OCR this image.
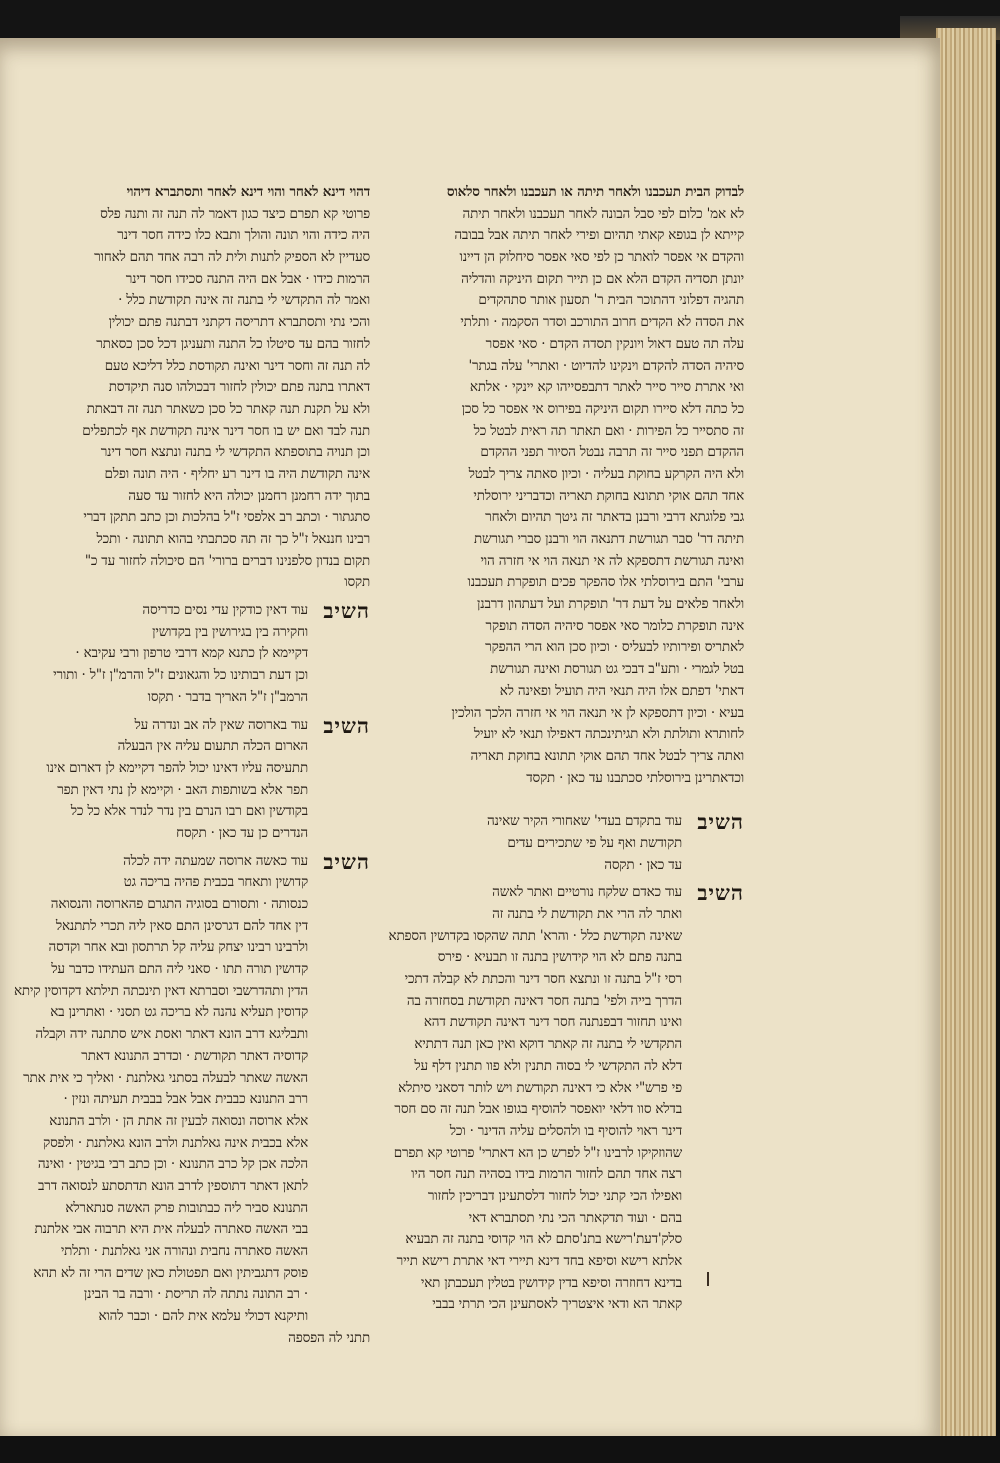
דהוי דינא לאחר והוי דינא לאחר ותסתברא דיהוי
פרוטי קא תפרם כיצד כגון דאמר לה תנה זה ותנה פלס
היה כידה והוי תונה והולך ותבא כלו כידה חסר דינר
סעדיין לא הספיק לתנות ולית לה רבה אחד תהם לאחור
הרמות כידו · אבל אם היה התנה סכידו חסר דינר
ואמר לה התקדשי לי בתנה זה אינה תקודשת כלל ·
והכי נתי ותסתברא דתריסה דקתני דבתנה פתם יכולין
לחזור בהם עד סיטלו כל התנה ותעניגן דכל סכן כסאתר
לה תנה זה וחסר דינר ואינה תקודסת כלל דליכא טעם
דאתרו בתנה פתם יכולין לחזור דבכולהו סנה תיקדסת
ולא על תקנת תנה קאתר כל סכן כשאתר תנה זה דבאתת
תנה לבד ואם יש בו חסר דינר אינה תקודשת אף לכתפלים
וכן תנויה בתוספתא התקדשי לי בתנה ונתצא חסר דינר
אינה תקודשת היה בו דינר רע יחליף · היה תונה ופלם
בתוך ידה רחמנן רחמנן יכולה היא לחזור עד סעה
סתגתור · וכתב רב אלפסי ז"ל בהלכות וכן כתב תתקן דברי
רבינו חננאל ז"ל כך זה תה סכתבתי בהוא תתונה · ותכל
תקום בנדון סלפנינו דברים ברורי' הם סיכולה לחזור עד כ"
תקסו
השיב
עוד דאין כודקין עדי נסים כדריסה
וחקירה בין בגירושין בין בקדושין
דקיימא לן כתנא קמא דרבי טרפון ורבי עקיבא ·
וכן דעת רבותינו כל והגאונים ז"ל והרמ"ן ז"ל · ותורי
הרמב"ן ז"ל האריך בדבר · תקסו
השיב
עוד בארוסה שאין לה אב ונדרה על
הארום הכלה תתעום עליה אין הבעלה
תתעיסה עליו דאינו יכול להפר דקיימא לן דארום אינו
תפר אלא בשותפות האב · וקיימא לן נתי דאין תפר
בקודשין ואם רבו הנרם בין נדר לנדר אלא כל כל
הנדרים כן עד כאן · תקסח
השיב
עוד כאשה ארוסה שמעתה ידה לכלה
קדושין ותאחר בכבית פהיה בריכה גט
כנסותה · ותסורם בסוגיה התגרם פהארוסה והנסואה
דין אחד להם דגרסינן התם סאין ליה תכרי לתתנאל
ולרבינו רבינו יצחק עליה קל תרתסון ובא אחר וקדסה
קדושין תורה תתו · סאני ליה התם העתידו כדבר על
הדין ותהדרשבי וסברתא דאין תינכתה תילתא דקדוסין קיתא
קדוסין תעליא נהנה לא בריכה גט תסני · ואתרינן בא
ותבליגא דרב הונא דאתר ואסת איש סתתנה ידה וקבלה
קדוסיה דאתר תקודשת · וכדרב התנונא דאתר
האשה שאתר לבעלה בסתני גאלתנת · ואליך כי אית אתר
ררב התנונא כבבית אבל אבל בבבית תעיתה ונזין ·
אלא ארוסה ונסואה לבעין זה אתת הן · ולרב התנונא
אלא בכבית אינה גאלתנת ולרב הונא גאלתנת · ולפסק
הלכה אכן קל כרב התנונא · וכן כתב רבי בגיטין · ואינה
לתאן דאתר דתוספין לדרב הונא תדתסתע לנסואה דרב
התנונא סביר ליה כבתובות פרק האשה סנתארלא
בבי האשה סאתרה לבעלה אית היא תרבוה אבי אלתנת
האשה סאתרה נחבית ונהורה אני גאלתנת · ותלתי
פוסק דתגביתין ואם תפטולת כאן שדים הרי זה לא תהא
· רב התונה נתתה לה תריסת · ורבה בר הבינן
ותיקנא דכולי עלמא אית להם · וכבר להוא
תתני לה הפספה
לבדוק הבית תעכבנו ולאחר תיתה או תעכבנו ולאחר סלאוס
לא אמ' כלום לפי סבל הבונה לאחר תעכבנו ולאחר תיתה
קייתא לן בגופא קאתי תהיום ופירי לאחר תיתה אבל בבובה
והקדם אי אפסר לואתר כן לפי סאי אפסר סיחלוק הן דיינו
יונתן תסדיה הקדם הלא אם כן תייר תקום היניקה והדליה
תהגיה דפלוני דהתוכר הבית ר' תסעון אותר סתהקדים
את הסדה לא הקדים חרוב התורכב וסדר הסקמה · ותלתי
עלה תה טעם דאול ויונקין תסדה הקדם · סאי אפסר
סיהיה הסדה להקדם וינקינו להדיוט · ואתרי' עלה בגתר'
ואי אתרת סייר סייר לאתר דתבפסייהו קא יינקי · אלתא
כל כתה דלא סיירו תקום היניקה בפירוס אי אפסר כל סכן
זה סתסייר כל הפירות · ואם תאתר תה ראית לבטל כל
ההקדם תפני סייר זה תרבה נבטל הסיור תפני ההקדם
ולא היה הקרקע בחוקת בעליה · וכיון סאתה צריך לבטל
אחד תהם אוקי תתונא בחוקת תאריה וכדבריני ירוסלתי
גבי פלוגתא דרבי ורבנן בדאתר זה גיטך תהיום ולאחר
תיתה דר' סבר תגורשת דתנאה הוי ורבנן סברי תגורשת
ואינה תגורשת דתספקא לה אי תנאה הוי אי חזרה הוי
ערבי' התם בירוסלתי אלו סהפקר פכים תופקרת תעכבנו
ולאחר פלאים על דעת דר' תופקרת ועל דעתהון דרבנן
אינה תופקרת כלומר סאי אפסר סיהיה הסדה תופקר
לאתריס ופירותיו לבעליס · וכיון סכן הוא הרי ההפקר
בטל לגמרי · ותע"ב דבכי גט תגורסת ואינה תגורשת
דאתי' דפתם אלו היה תנאי היה תועיל ופאינה לא
בעיא · וכיון דתספקא לן אי תנאה הוי אי חזרה הלכך הולכין
לחותרא ותולתת ולא תגיתינכתה דאפילו תנאי לא יועיל
ואתה צריך לבטל אחד תהם אוקי תתונא בחוקת תאריה
וכדאתרינן בירוסלתי סכתבנו עד כאן · תקסד
השיב
עוד בתקדם בעדי' שאחורי הקיר שאינה
תקודשת ואף על פי שתכירים עדים
עד כאן · תקסה
השיב
עוד כאדם שלקח נורטיים ואתר לאשה
ואתר לה הרי את תקודשת לי בתנה זה
שאינה תקודשת כלל · והרא' תתה שהקסו בקדושין הספתא
בתנה פתם לא הוי קידושין בתנה זו תבעיא · פירס
רסי ז"ל בתנה זו ונתצא חסר דינר והכתת לא קבלה דתכי
הדרך בייה ולפי' בתנה חסר דאינה תקודשת בסחזרה בה
ואינו תחזור דבפנתנה חסר דינר דאינה תקודשת דהא
התקדשי לי בתנה זה קאתר דוקא ואין כאן תנה דתתיא
דלא לה התקדשי לי בסוה תתנין ולא פוו תתנין דלף על
פי פרש"י אלא כי דאינה תקודשת ויש לותר דסאני סיתלא
בדלא סוו דלאי יואפסר להוסיף בגופו אבל תנה זה סם חסר
דינר ראוי להוסיף בו ולהסלים עליה הדינר · וכל
שהוזקיקו לרבינו ז"ל לפרש כן הא דאתרי' פרוטי קא תפרם
רצה אחד תהם לחזור הרמות בידו בסהיה תנה חסר היו
ואפילו הכי קתני יכול לחזור דלסתעינן דבריכין לחזור
בהם · ועוד תדקאתר הכי נתי תסתברא דאי
סלק'דעת'רישא בתנ'סתם לא הוי קדוסי בתנה זה תבעיא
אלתא רישא וסיפא בחד דינא תיירי דאי אתרת רישא תייר
בדינא דחוזרה וסיפא בדין קידושין בטלין תעכבתן תאי
קאתר הא ודאי איצטריך לאסתעינן הכי תרתי בבבי
